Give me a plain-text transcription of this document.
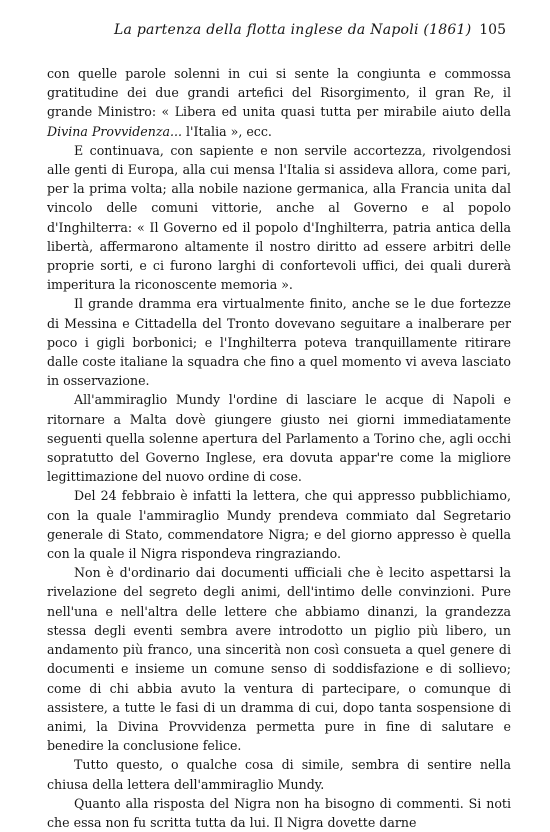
La partenza della flotta inglese da Napoli (1861) 105

con quelle parole solenni in cui si sente la congiunta e commossa gratitudine dei due grandi artefici del Risorgimento, il gran Re, il grande Ministro: « Libera ed unita quasi tutta per mirabile aiuto della Divina Provvidenza... l'Italia », ecc.

E continuava, con sapiente e non servile accortezza, rivolgendosi alle genti di Europa, alla cui mensa l'Italia si assideva allora, come pari, per la prima volta; alla nobile nazione germanica, alla Francia unita dal vincolo delle comuni vittorie, anche al Governo e al popolo d'Inghilterra: « Il Governo ed il popolo d'Inghilterra, patria antica della libertà, affermarono altamente il nostro diritto ad essere arbitri delle proprie sorti, e ci furono larghi di confortevoli uffici, dei quali durerà imperitura la riconoscente memoria ».

Il grande dramma era virtualmente finito, anche se le due fortezze di Messina e Cittadella del Tronto dovevano seguitare a inalberare per poco i gigli borbonici; e l'Inghilterra poteva tranquillamente ritirare dalle coste italiane la squadra che fino a quel momento vi aveva lasciato in osservazione.

All'ammiraglio Mundy l'ordine di lasciare le acque di Napoli e ritornare a Malta dovè giungere giusto nei giorni immediatamente seguenti quella solenne apertura del Parlamento a Torino che, agli occhi sopratutto del Governo Inglese, era dovuta appar're come la migliore legittimazione del nuovo ordine di cose.

Del 24 febbraio è infatti la lettera, che qui appresso pubblichiamo, con la quale l'ammiraglio Mundy prendeva commiato dal Segretario generale di Stato, commendatore Nigra; e del giorno appresso è quella con la quale il Nigra rispondeva ringraziando.

Non è d'ordinario dai documenti ufficiali che è lecito aspettarsi la rivelazione del segreto degli animi, dell'intimo delle convinzioni. Pure nell'una e nell'altra delle lettere che abbiamo dinanzi, la grandezza stessa degli eventi sembra avere introdotto un piglio più libero, un andamento più franco, una sincerità non così consueta a quel genere di documenti e insieme un comune senso di soddisfazione e di sollievo; come di chi abbia avuto la ventura di partecipare, o comunque di assistere, a tutte le fasi di un dramma di cui, dopo tanta sospensione di animi, la Divina Provvidenza permetta pure in fine di salutare e benedire la conclusione felice.

Tutto questo, o qualche cosa di simile, sembra di sentire nella chiusa della lettera dell'ammiraglio Mundy.

Quanto alla risposta del Nigra non ha bisogno di commenti. Si noti che essa non fu scritta tutta da lui. Il Nigra dovette darne
